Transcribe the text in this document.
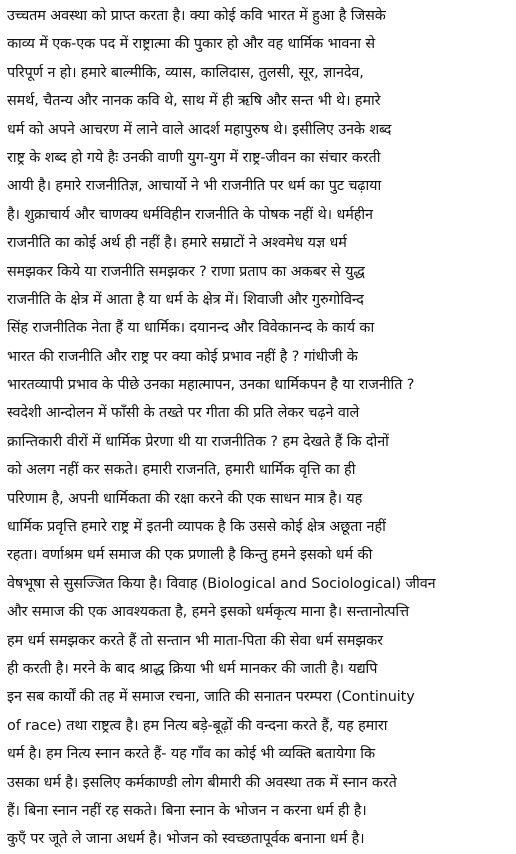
उच्चतम अवस्था को प्राप्त करता है। क्या कोई कवि भारत में हुआ है जिसके
काव्य में एक-एक पद में राष्ट्रात्मा की पुकार हो और वह धार्मिक भावना से
परिपूर्ण न हो। हमारे बाल्मीकि, व्यास, कालिदास, तुलसी, सूर, ज्ञानदेव,
समर्थ, चैतन्य और नानक कवि थे, साथ में ही ऋषि और सन्त भी थे। हमारे
धर्म को अपने आचरण में लाने वाले आदर्श महापुरुष थे। इसीलिए उनके शब्द
राष्ट्र के शब्द हो गये हैः उनकी वाणी युग-युग में राष्ट्र-जीवन का संचार करती
आयी है। हमारे राजनीतिज्ञ, आचार्यो ने भी राजनीति पर धर्म का पुट चढ़ाया
है। शुक्राचार्य और चाणक्य धर्मविहीन राजनीति के पोषक नहीं थे। धर्महीन
राजनीति का कोई अर्थ ही नहीं है। हमारे सम्राटों ने अश्वमेध यज्ञ धर्म
समझकर किये या राजनीति समझकर ? राणा प्रताप का अकबर से युद्ध
राजनीति के क्षेत्र में आता है या धर्म के क्षेत्र में। शिवाजी और गुरुगोविन्द
सिंह राजनीतिक नेता हैं या धार्मिक। दयानन्द और विवेकानन्द के कार्य का
भारत की राजनीति और राष्ट्र पर क्या कोई प्रभाव नहीं है ? गांधीजी के
भारतव्यापी प्रभाव के पीछे उनका महात्मापन, उनका धार्मिकपन है या राजनीति ?
स्वदेशी आन्दोलन में फाँसी के तख्ते पर गीता की प्रति लेकर चढ़ने वाले
क्रान्तिकारी वीरों में धार्मिक प्रेरणा थी या राजनीतिक ? हम देखते हैं कि दोनों
को अलग नहीं कर सकते। हमारी राजनति, हमारी धार्मिक वृत्ति का ही
परिणाम है, अपनी धार्मिकता की रक्षा करने की एक साधन मात्र है। यह
धार्मिक प्रवृत्ति हमारे राष्ट्र में इतनी व्यापक है कि उससे कोई क्षेत्र अछूता नहीं
रहता। वर्णाश्रम धर्म समाज की एक प्रणाली है किन्तु हमने इसको धर्म की
वेषभूषा से सुसज्जित किया है। विवाह (Biological and Sociological) जीवन
और समाज की एक आवश्यकता है, हमने इसको धर्मकृत्य माना है। सन्तानोत्पत्ति
हम धर्म समझकर करते हैं तो सन्तान भी माता-पिता की सेवा धर्म समझकर
ही करती है। मरने के बाद श्राद्ध क्रिया भी धर्म मानकर की जाती है। यद्यपि
इन सब कार्यों की तह में समाज रचना, जाति की सनातन परम्परा (Continuity
of race) तथा राष्ट्रत्व है। हम नित्य बड़े-बूढ़ों की वन्दना करते हैं, यह हमारा
धर्म है। हम नित्य स्नान करते हैं- यह गाँव का कोई भी व्यक्ति बतायेगा कि
उसका धर्म है। इसलिए कर्मकाण्डी लोग बीमारी की अवस्था तक में स्नान करते
हैं। बिना स्नान नहीं रह सकते। बिना स्नान के भोजन न करना धर्म ही है।
कुएँ पर जूते ले जाना अधर्म है। भोजन को स्वच्छतापूर्वक बनाना धर्म है।
